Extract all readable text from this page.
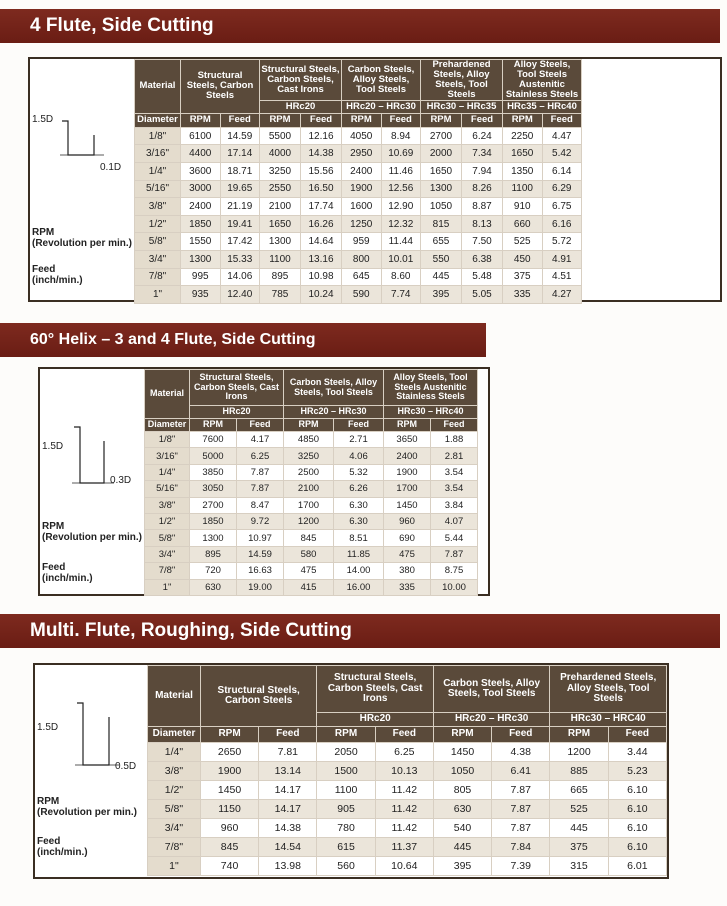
4 Flute, Side Cutting
1.5D
0.1D
RPM
(Revolution per min.)
Feed
(inch/min.)
Material	Structural Steels, Carbon Steels		Structural Steels, Carbon Steels, Cast Irons		Carbon Steels, Alloy Steels, Tool Steels		Prehardened Steels, Alloy Steels, Tool Steels		Alloy Steels, Tool Steels Austenitic Stainless Steels	
			HRc20		HRc20 – HRc30		HRc30 – HRc35		HRc35 – HRc40	
Diameter	RPM	Feed	RPM	Feed	RPM	Feed	RPM	Feed	RPM	Feed
1/8"	6100	14.59	5500	12.16	4050	8.94	2700	6.24	2250	4.47
3/16"	4400	17.14	4000	14.38	2950	10.69	2000	7.34	1650	5.42
1/4"	3600	18.71	3250	15.56	2400	11.46	1650	7.94	1350	6.14
5/16"	3000	19.65	2550	16.50	1900	12.56	1300	8.26	1100	6.29
3/8"	2400	21.19	2100	17.74	1600	12.90	1050	8.87	910	6.75
1/2"	1850	19.41	1650	16.26	1250	12.32	815	8.13	660	6.16
5/8"	1550	17.42	1300	14.64	959	11.44	655	7.50	525	5.72
3/4"	1300	15.33	1100	13.16	800	10.01	550	6.38	450	4.91
7/8"	995	14.06	895	10.98	645	8.60	445	5.48	375	4.51
1"	935	12.40	785	10.24	590	7.74	395	5.05	335	4.27
60° Helix – 3 and 4 Flute, Side Cutting
1.5D
0.3D
RPM
(Revolution per min.)
Feed
(inch/min.)
Material	Structural Steels, Carbon Steels, Cast Irons		Carbon Steels, Alloy Steels, Tool Steels		Alloy Steels, Tool Steels Austenitic Stainless Steels	
	HRc20		HRc20 – HRc30		HRc30 – HRc40	
Diameter	RPM	Feed	RPM	Feed	RPM	Feed
1/8"	7600	4.17	4850	2.71	3650	1.88
3/16"	5000	6.25	3250	4.06	2400	2.81
1/4"	3850	7.87	2500	5.32	1900	3.54
5/16"	3050	7.87	2100	6.26	1700	3.54
3/8"	2700	8.47	1700	6.30	1450	3.84
1/2"	1850	9.72	1200	6.30	960	4.07
5/8"	1300	10.97	845	8.51	690	5.44
3/4"	895	14.59	580	11.85	475	7.87
7/8"	720	16.63	475	14.00	380	8.75
1"	630	19.00	415	16.00	335	10.00
Multi. Flute, Roughing, Side Cutting
1.5D
0.5D
RPM
(Revolution per min.)
Feed
(inch/min.)
Material	Structural Steels, Carbon Steels		Structural Steels, Carbon Steels, Cast Irons		Carbon Steels, Alloy Steels, Tool Steels		Prehardened Steels, Alloy Steels, Tool Steels	
			HRc20		HRc20 – HRc30		HRc30 – HRC40	
Diameter	RPM	Feed	RPM	Feed	RPM	Feed	RPM	Feed
1/4"	2650	7.81	2050	6.25	1450	4.38	1200	3.44
3/8"	1900	13.14	1500	10.13	1050	6.41	885	5.23
1/2"	1450	14.17	1100	11.42	805	7.87	665	6.10
5/8"	1150	14.17	905	11.42	630	7.87	525	6.10
3/4"	960	14.38	780	11.42	540	7.87	445	6.10
7/8"	845	14.54	615	11.37	445	7.84	375	6.10
1"	740	13.98	560	10.64	395	7.39	315	6.01
